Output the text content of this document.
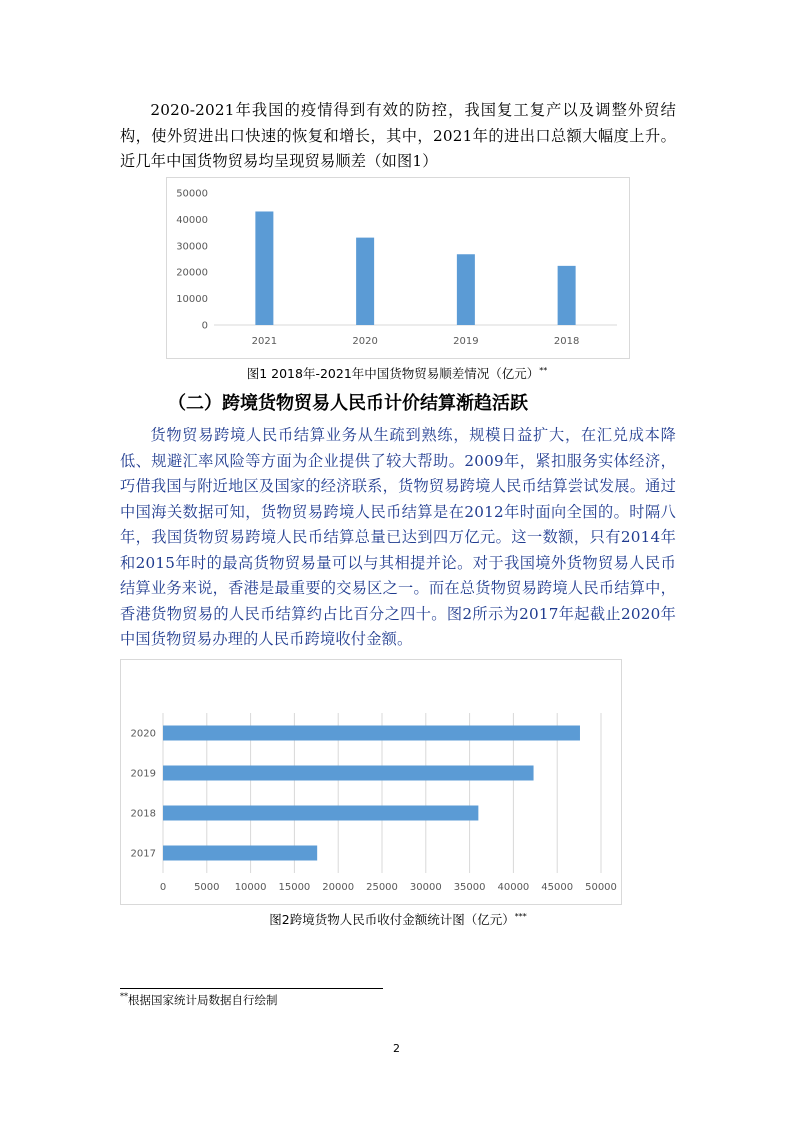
2020-2021年我国的疫情得到有效的防控，我国复工复产以及调整外贸结构，使外贸进出口快速的恢复和增长，其中，2021年的进出口总额大幅度上升。近几年中国货物贸易均呈现贸易顺差（如图1）

0
10000
20000
30000
40000
50000
2021	2020	2019	2018
图1 2018年-2021年中国货物贸易顺差情况（亿元）**
（二）跨境货物贸易人民币计价结算渐趋活跃

货物贸易跨境人民币结算业务从生疏到熟练，规模日益扩大，在汇兑成本降低、规避汇率风险等方面为企业提供了较大帮助。2009年，紧扣服务实体经济，巧借我国与附近地区及国家的经济联系，货物贸易跨境人民币结算尝试发展。通过中国海关数据可知，货物贸易跨境人民币结算是在2012年时面向全国的。时隔八年，我国货物贸易跨境人民币结算总量已达到四万亿元。这一数额，只有2014年和2015年时的最高货物贸易量可以与其相提并论。对于我国境外货物贸易人民币结算业务来说，香港是最重要的交易区之一。而在总货物贸易跨境人民币结算中，香港货物贸易的人民币结算约占比百分之四十。图2所示为2017年起截止2020年中国货物贸易办理的人民币跨境收付金额。

0	5000 10000 15000 20000 25000 30000 35000 40000 45000 50000
2020
2019
2018
2017
图2跨境货物人民币收付金额统计图（亿元）***
**根据国家统计局数据自行绘制
2
